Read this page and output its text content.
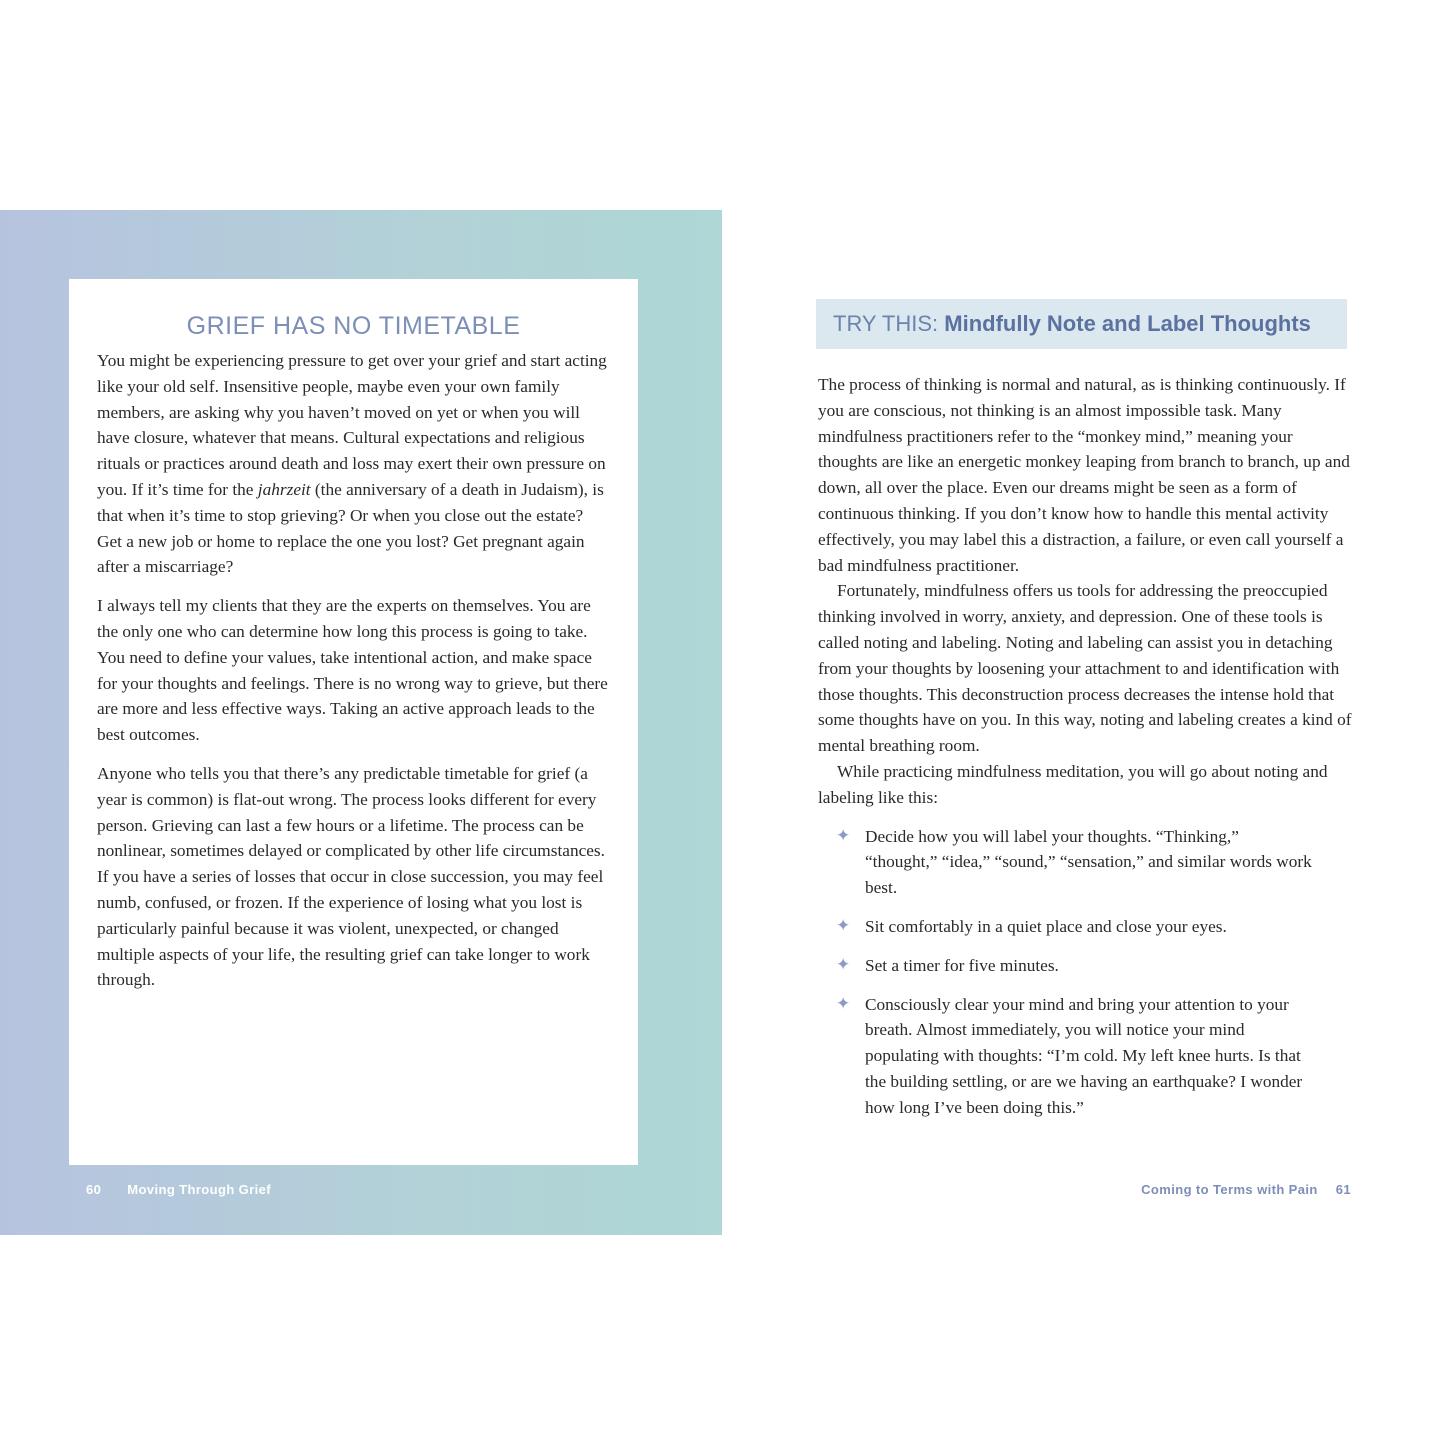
GRIEF HAS NO TIMETABLE

You might be experiencing pressure to get over your grief and start acting like your old self. Insensitive people, maybe even your own family members, are asking why you haven’t moved on yet or when you will have closure, whatever that means. Cultural expectations and religious rituals or practices around death and loss may exert their own pressure on you. If it’s time for the jahrzeit (the anniversary of a death in Judaism), is that when it’s time to stop grieving? Or when you close out the estate? Get a new job or home to replace the one you lost? Get pregnant again after a miscarriage?

I always tell my clients that they are the experts on themselves. You are the only one who can determine how long this process is going to take. You need to define your values, take intentional action, and make space for your thoughts and feelings. There is no wrong way to grieve, but there are more and less effective ways. Taking an active approach leads to the best outcomes.

Anyone who tells you that there’s any predictable timetable for grief (a year is common) is flat-out wrong. The process looks different for every person. Grieving can last a few hours or a lifetime. The process can be nonlinear, sometimes delayed or complicated by other life circumstances. If you have a series of losses that occur in close succession, you may feel numb, confused, or frozen. If the experience of losing what you lost is particularly painful because it was violent, unexpected, or changed multiple aspects of your life, the resulting grief can take longer to work through.

60 Moving Through Grief
TRY THIS: Mindfully Note and Label Thoughts

The process of thinking is normal and natural, as is thinking continuously. If you are conscious, not thinking is an almost impossible task. Many mindfulness practitioners refer to the “monkey mind,” meaning your thoughts are like an energetic monkey leaping from branch to branch, up and down, all over the place. Even our dreams might be seen as a form of continuous thinking. If you don’t know how to handle this mental activity effectively, you may label this a distraction, a failure, or even call yourself a bad mindfulness practitioner.

Fortunately, mindfulness offers us tools for addressing the preoccupied thinking involved in worry, anxiety, and depression. One of these tools is called noting and labeling. Noting and labeling can assist you in detaching from your thoughts by loosening your attachment to and identification with those thoughts. This deconstruction process decreases the intense hold that some thoughts have on you. In this way, noting and labeling creates a kind of mental breathing room.

While practicing mindfulness meditation, you will go about noting and labeling like this:

✦ Decide how you will label your thoughts. “Thinking,” “thought,” “idea,” “sound,” “sensation,” and similar words work best.
✦ Sit comfortably in a quiet place and close your eyes.
✦ Set a timer for five minutes.
✦ Consciously clear your mind and bring your attention to your breath. Almost immediately, you will notice your mind populating with thoughts: “I’m cold. My left knee hurts. Is that the building settling, or are we having an earthquake? I wonder how long I’ve been doing this.”
Coming to Terms with Pain 61
